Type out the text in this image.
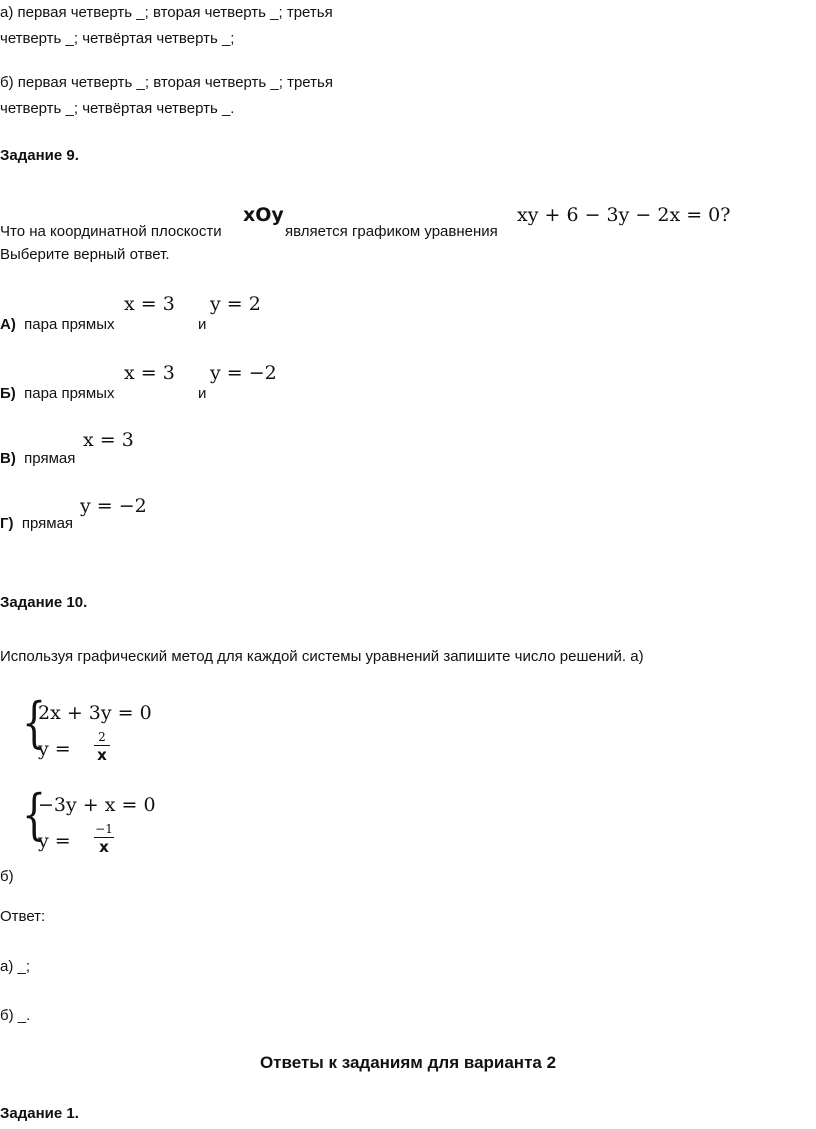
а) первая четверть _; вторая четверть _; третья
четверть _; четвёртая четверть _;
б) первая четверть _; вторая четверть _; третья
четверть _; четвёртая четверть _.
Задание 9.
Что на координатной плоскости
xOy
является графиком уравнения
xy + 6 − 3y − 2x = 0?
Выберите верный ответ.
А) пара прямых
x = 3
и
y = 2
Б) пара прямых
x = 3
и
y = −2
В) прямая
x = 3
Г) прямая
y = −2
Задание 10.
Используя графический метод для каждой системы уравнений запишите число решений. а)
{
2x + 3y = 0
y =
2
x
{
−3y + x = 0
y =
−1
x
б)
Ответ:
а) _;
б) _.
Ответы к заданиям для варианта 2
Задание 1.
